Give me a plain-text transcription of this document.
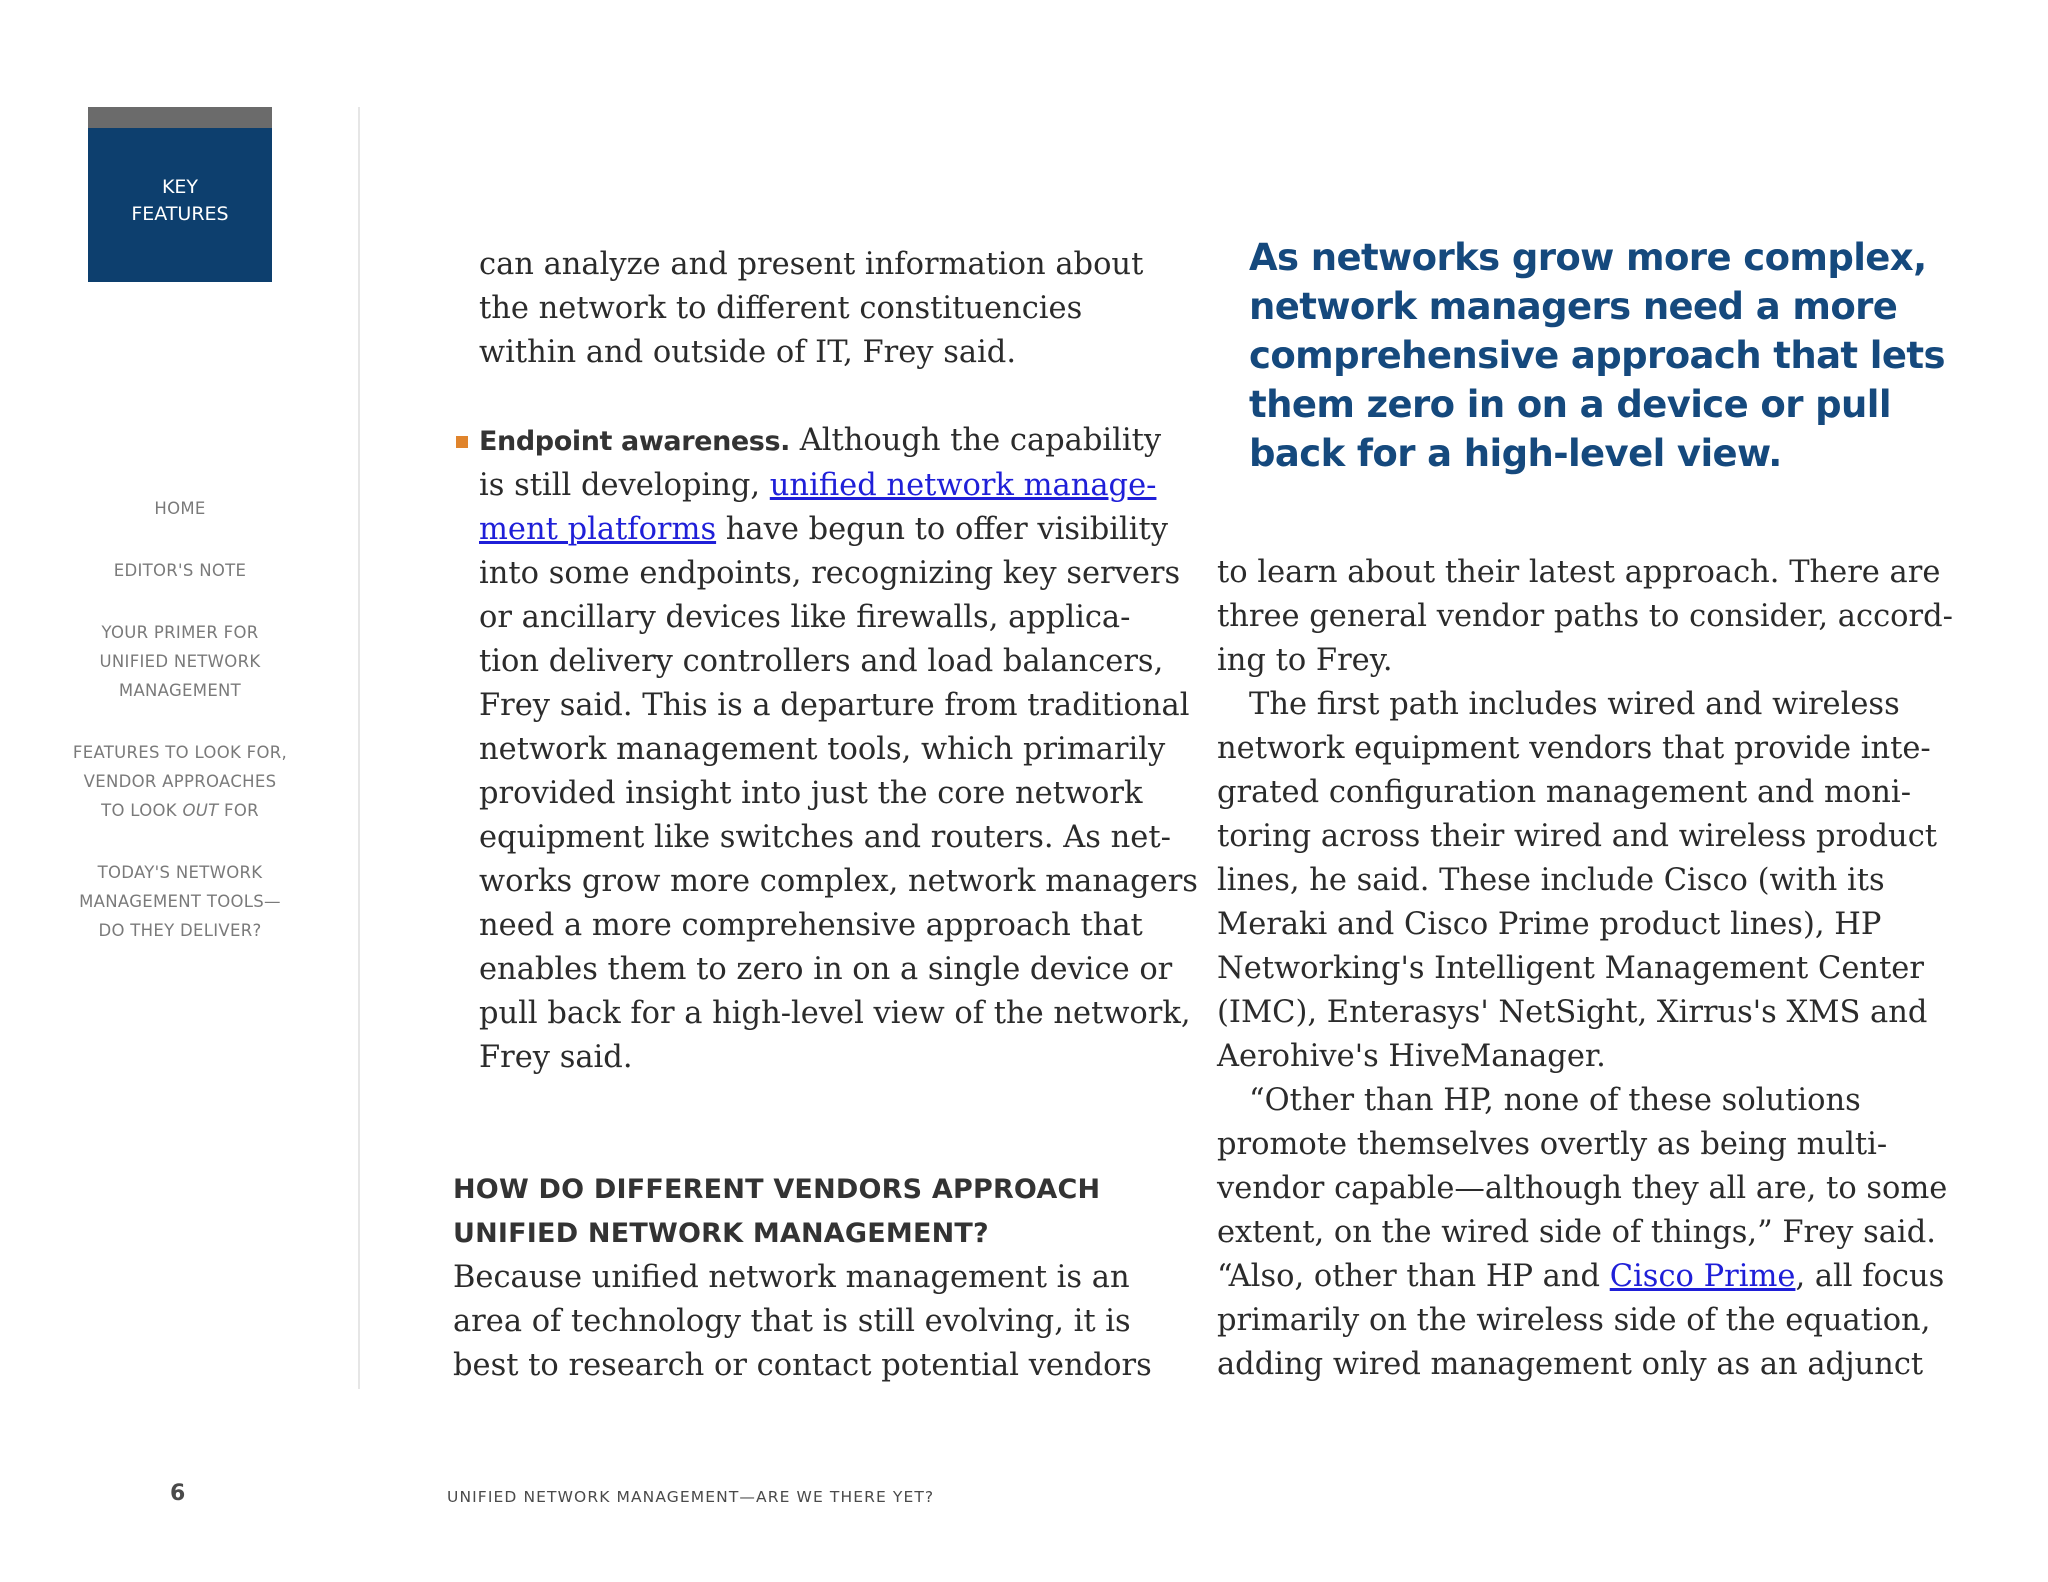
KEY
FEATURES
HOME
EDITOR'S NOTE
YOUR PRIMER FOR
UNIFIED NETWORK
MANAGEMENT
FEATURES TO LOOK FOR,
VENDOR APPROACHES
TO LOOK OUT FOR
TODAY'S NETWORK
MANAGEMENT TOOLS—
DO THEY DELIVER?
6	UNIFIED NETWORK MANAGEMENT—ARE WE THERE YET?
can analyze and present information about
the network to different constituencies
within and outside of IT, Frey said.
Endpoint awareness. Although the capability
is still developing, unified network manage-
ment platforms have begun to offer visibility
into some endpoints, recognizing key servers
or ancillary devices like firewalls, applica-
tion delivery controllers and load balancers,
Frey said. This is a departure from traditional
network management tools, which primarily
provided insight into just the core network
equipment like switches and routers. As net-
works grow more complex, network managers
need a more comprehensive approach that
enables them to zero in on a single device or
pull back for a high-level view of the network,
Frey said.
HOW DO DIFFERENT VENDORS APPROACH
UNIFIED NETWORK MANAGEMENT?
Because unified network management is an
area of technology that is still evolving, it is
best to research or contact potential vendors
As networks grow more complex,
network managers need a more
comprehensive approach that lets
them zero in on a device or pull
back for a high-level view.
to learn about their latest approach. There are
three general vendor paths to consider, accord-
ing to Frey.
The first path includes wired and wireless
network equipment vendors that provide inte-
grated configuration management and moni-
toring across their wired and wireless product
lines, he said. These include Cisco (with its
Meraki and Cisco Prime product lines), HP
Networking's Intelligent Management Center
(IMC), Enterasys' NetSight, Xirrus's XMS and
Aerohive's HiveManager.
“Other than HP, none of these solutions
promote themselves overtly as being multi-
vendor capable—although they all are, to some
extent, on the wired side of things,” Frey said.
“Also, other than HP and Cisco Prime, all focus
primarily on the wireless side of the equation,
adding wired management only as an adjunct
